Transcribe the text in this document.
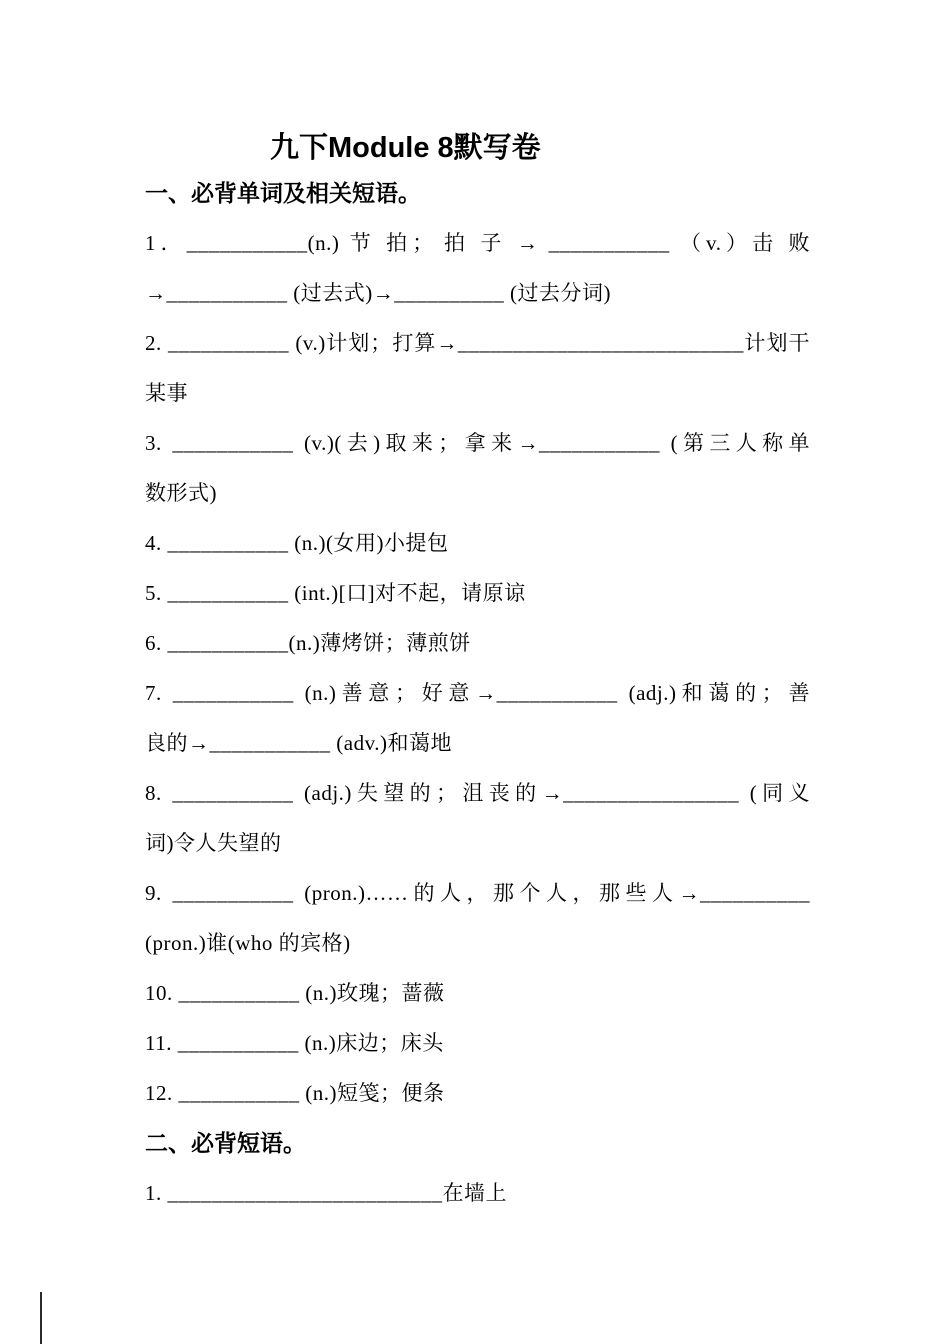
九下Module 8默写卷
一、必背单词及相关短语。

1．___________(n.) 节 拍； 拍 子 → ___________ （v.）击 败
→___________ (过去式)→__________ (过去分词)

2. ___________ (v.)计划；打算→__________________________计划干
某事

3. ___________ (v.)(去)取来；拿来→___________ (第三人称单
数形式)

4. ___________ (n.)(女用)小提包

5. ___________ (int.)[口]对不起，请原谅

6. ___________(n.)薄烤饼；薄煎饼

7. ___________ (n.)善意；好意→___________ (adj.)和蔼的；善
良的→___________ (adv.)和蔼地

8. ___________ (adj.)失望的；沮丧的→________________ (同义
词)令人失望的

9. ___________ (pron.)……的人，那个人，那些人→__________
(pron.)谁(who 的宾格)

10. ___________ (n.)玫瑰；蔷薇

11. ___________ (n.)床边；床头

12. ___________ (n.)短笺；便条

二、必背短语。

1. _________________________在墙上
